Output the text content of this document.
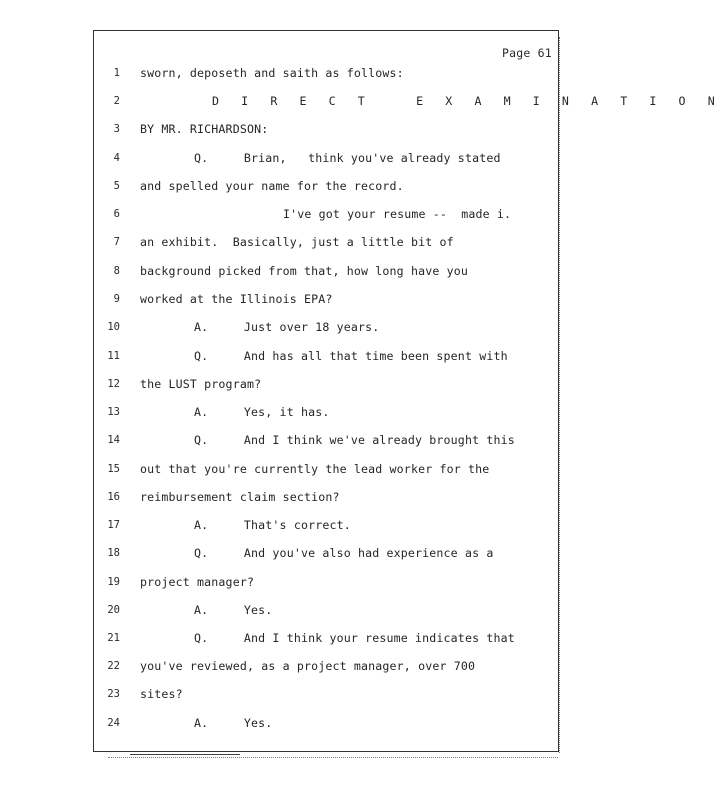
Page 61
1 sworn, deposeth and saith as follows:
2	D I R E C T   E X A M I N A T I O N
3 BY MR. RICHARDSON:
4	Q.     Brian,   think you've already stated
5 and spelled your name for the record.
6	I've got your resume --  made i.
7 an exhibit.  Basically, just a little bit of
8 background picked from that, how long have you
9 worked at the Illinois EPA?
10	A.     Just over 18 years.
11	Q.     And has all that time been spent with
12 the LUST program?
13	A.     Yes, it has.
14	Q.     And I think we've already brought this
15 out that you're currently the lead worker for the
16 reimbursement claim section?
17	A.     That's correct.
18	Q.     And you've also had experience as a
19 project manager?
20	A.     Yes.
21	Q.     And I think your resume indicates that
22 you've reviewed, as a project manager, over 700
23 sites?
24	A.     Yes.
